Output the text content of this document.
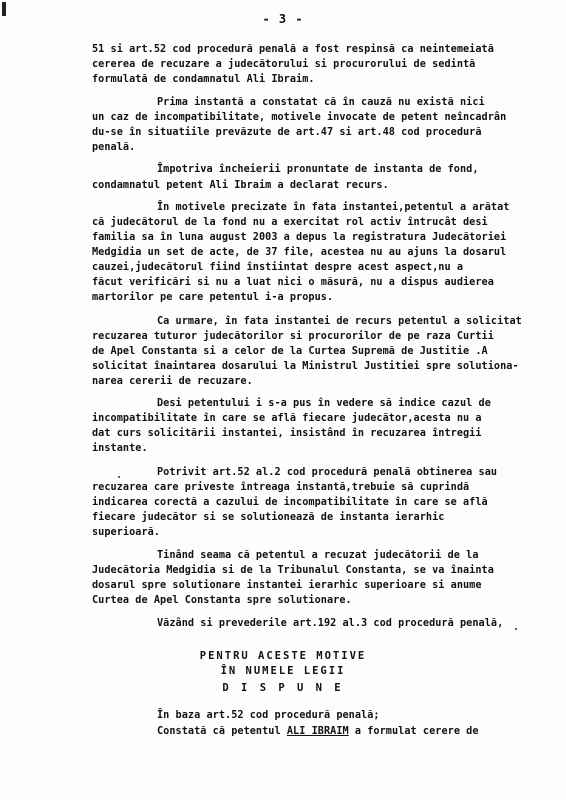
- 3 -
51 si art.52 cod procedurã penalã a fost respinsã ca neintemeiatã
cererea de recuzare a judecãtorului si procurorului de sedintã
formulatã de condamnatul Ali Ibraim.
Prima instantã a constatat cã în cauzã nu existã nici
un caz de incompatibilitate, motivele invocate de petent neîncadrân
du-se în situatiile prevãzute de art.47 si art.48 cod procedurã
penalã.
Împotriva încheierii pronuntate de instanta de fond,
condamnatul petent Ali Ibraim a declarat recurs.
În motivele precizate în fata instantei,petentul a arãtat
cã judecãtorul de la fond nu a exercitat rol activ întrucât desi
familia sa în luna august 2003 a depus la registratura Judecãtoriei
Medgidia un set de acte, de 37 file, acestea nu au ajuns la dosarul
cauzei,judecãtorul fiind înstiintat despre acest aspect,nu a
fãcut verificãri si nu a luat nici o mãsurã, nu a dispus audierea
martorilor pe care petentul i-a propus.
Ca urmare, în fata instantei de recurs petentul a solicitat
recuzarea tuturor judecãtorilor si procurorilor de pe raza Curtii
de Apel Constanta si a celor de la Curtea Supremã de Justitie .A
solicitat înaintarea dosarului la Ministrul Justitiei spre solutiona-
narea cererii de recuzare.
Desi petentului i s-a pus în vedere sã indice cazul de
incompatibilitate în care se aflã fiecare judecãtor,acesta nu a
dat curs solicitãrii instantei, insistând în recuzarea întregii
instante.
Potrivit art.52 al.2 cod procedurã penalã obtinerea sau
recuzarea care priveste întreaga instantã,trebuie sã cuprindã
indicarea corectã a cazului de incompatibilitate în care se aflã
fiecare judecãtor si se solutioneazã de instanta ierarhic
superioarã.
Tinând seama cã petentul a recuzat judecãtorii de la
Judecãtoria Medgidia si de la Tribunalul Constanta, se va înainta
dosarul spre solutionare instantei ierarhic superioare si anume
Curtea de Apel Constanta spre solutionare.
Vãzând si prevederile art.192 al.3 cod procedurã penalã,
PENTRU ACESTE MOTIVE
ÎN NUMELE LEGII
D I S P U N E
În baza art.52 cod procedurã penalã;
Constatã cã petentul ALI IBRAIM a formulat cerere de
